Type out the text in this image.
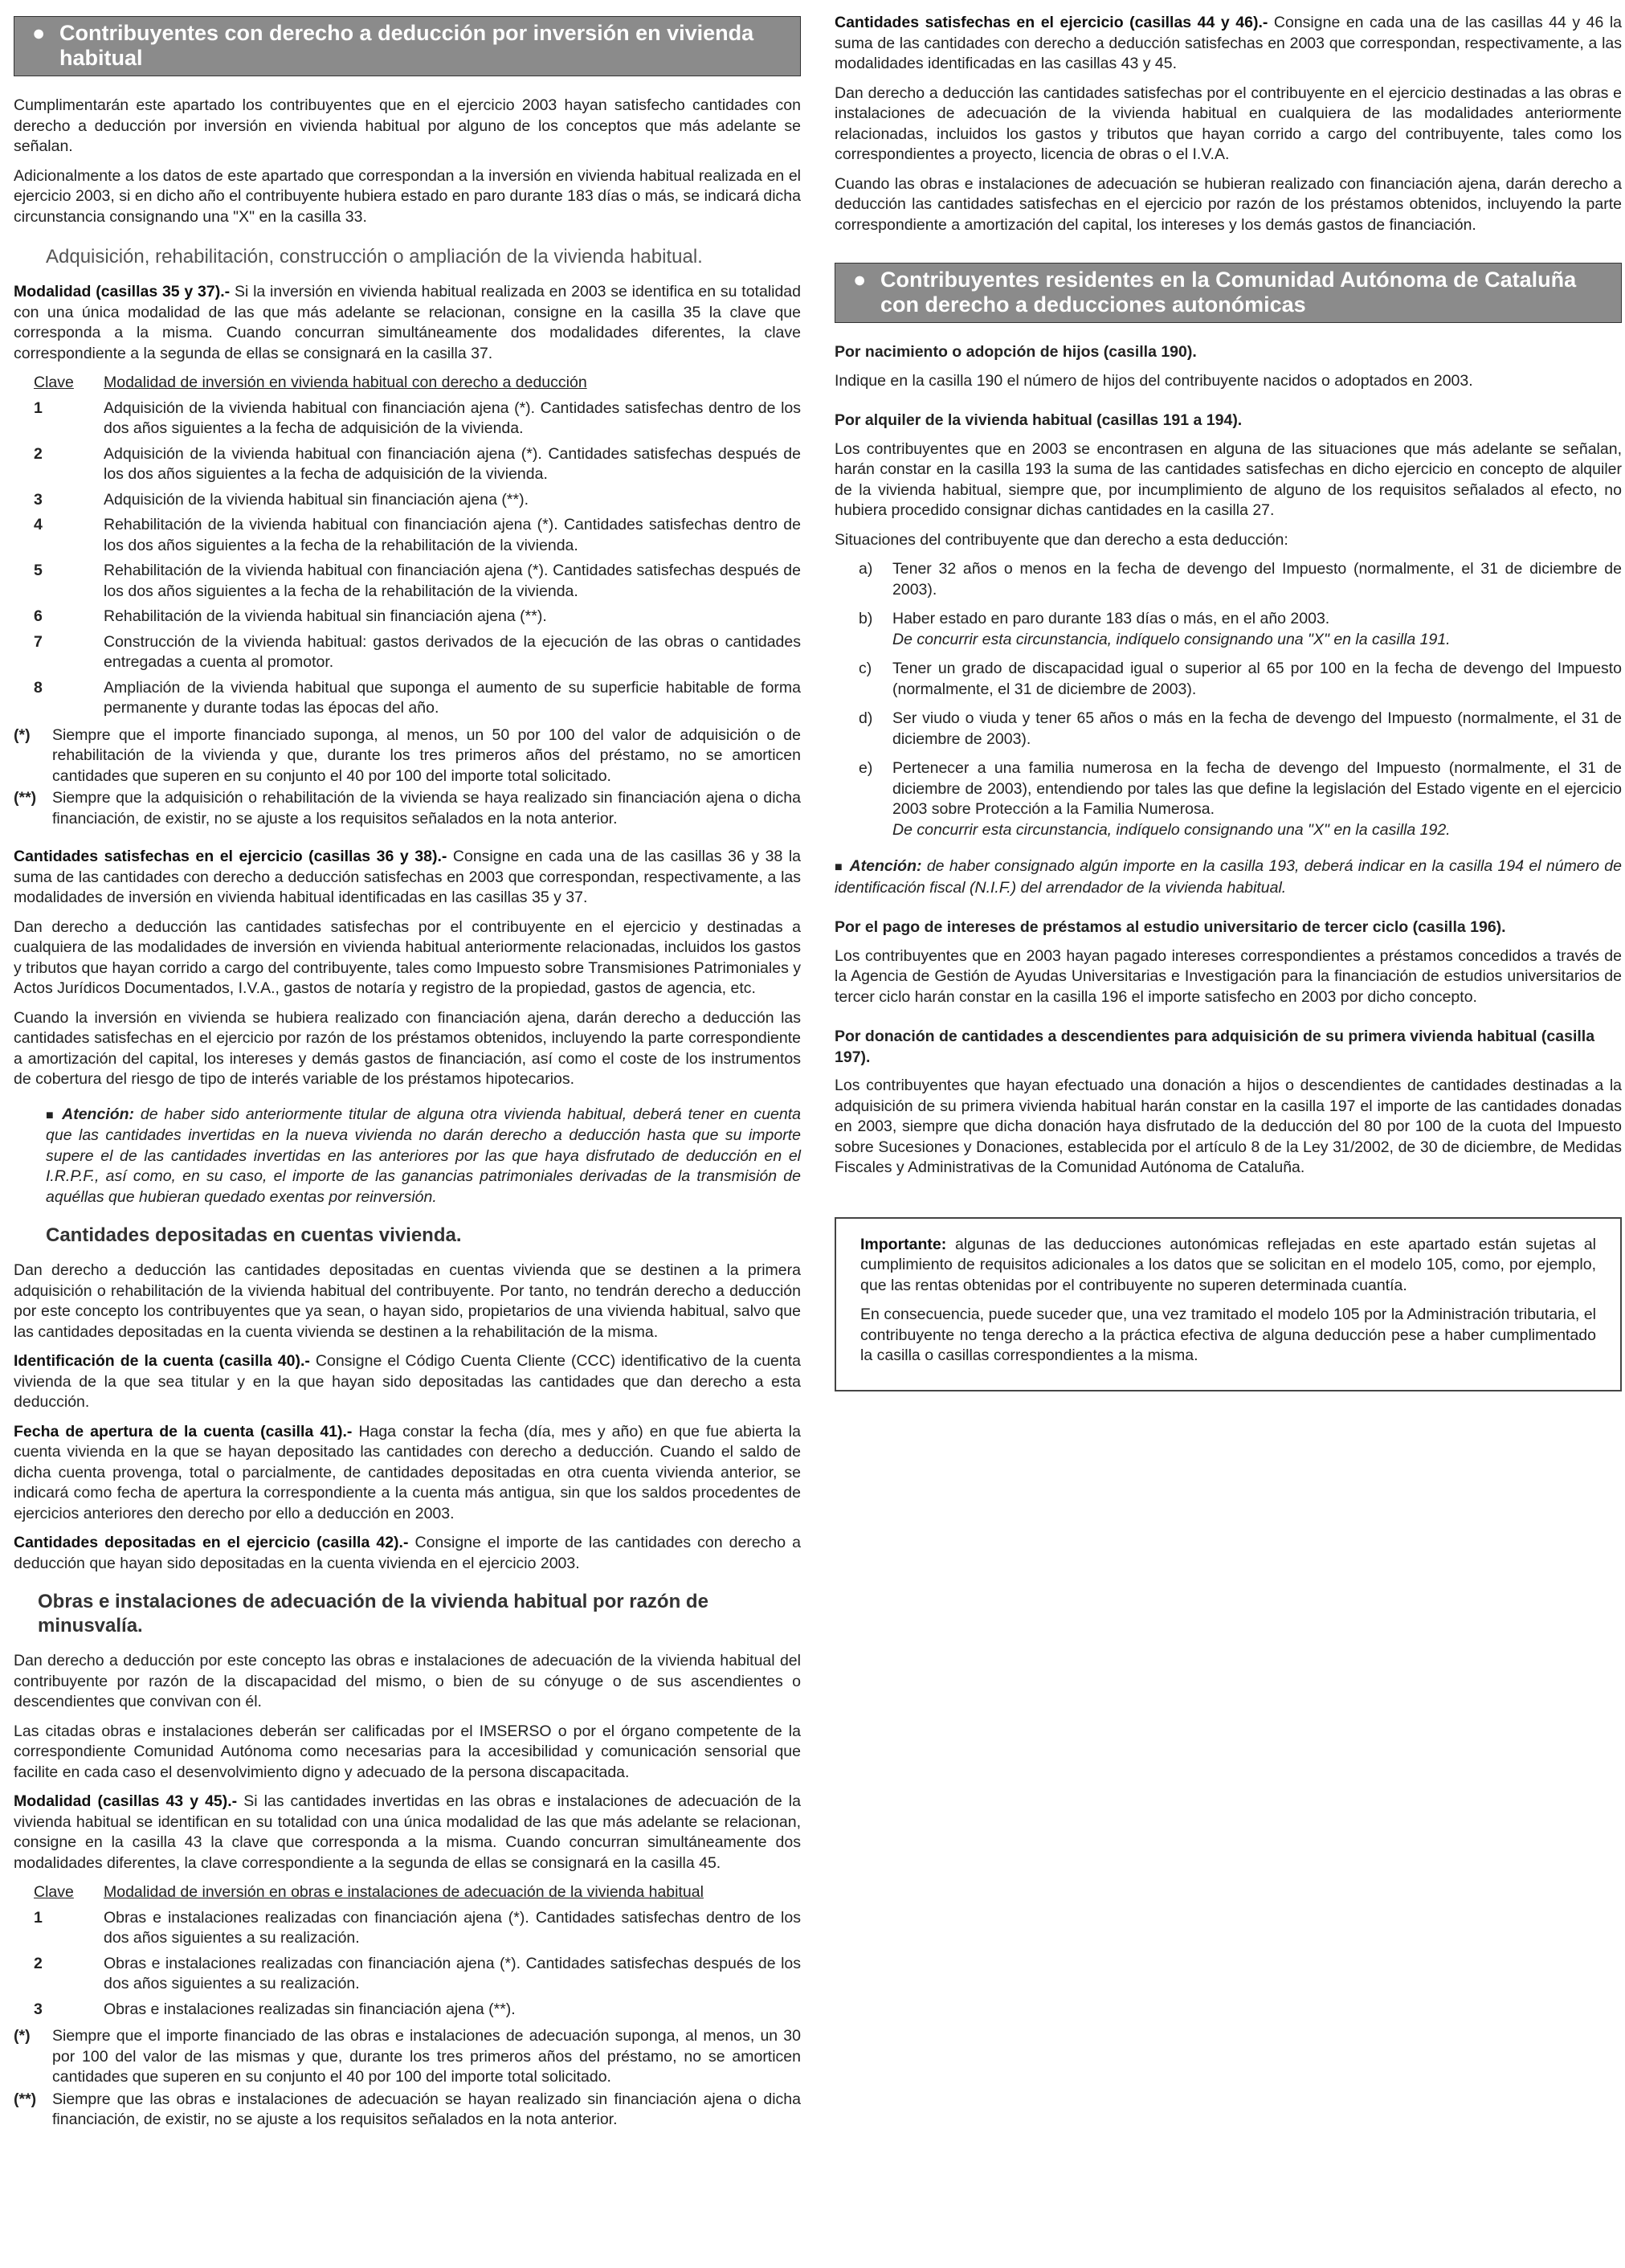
● Contribuyentes con derecho a deducción por inversión en vivienda habitual

Cumplimentarán este apartado los contribuyentes que en el ejercicio 2003 hayan satisfecho cantidades con derecho a deducción por inversión en vivienda habitual por alguno de los conceptos que más adelante se señalan.

Adicionalmente a los datos de este apartado que correspondan a la inversión en vivienda habitual realizada en el ejercicio 2003, si en dicho año el contribuyente hubiera estado en paro durante 183 días o más, se indicará dicha circunstancia consignando una "X" en la casilla 33.

Adquisición, rehabilitación, construcción o ampliación de la vivienda habitual.

Modalidad (casillas 35 y 37).- Si la inversión en vivienda habitual realizada en 2003 se identifica en su totalidad con una única modalidad de las que más adelante se relacionan, consigne en la casilla 35 la clave que corresponda a la misma. Cuando concurran simultáneamente dos modalidades diferentes, la clave correspondiente a la segunda de ellas se consignará en la casilla 37.

Clave	Modalidad de inversión en vivienda habitual con derecho a deducción
1	Adquisición de la vivienda habitual con financiación ajena (*). Cantidades satisfechas dentro de los dos años siguientes a la fecha de adquisición de la vivienda.
2	Adquisición de la vivienda habitual con financiación ajena (*). Cantidades satisfechas después de los dos años siguientes a la fecha de adquisición de la vivienda.
3	Adquisición de la vivienda habitual sin financiación ajena (**).
4	Rehabilitación de la vivienda habitual con financiación ajena (*). Cantidades satisfechas dentro de los dos años siguientes a la fecha de la rehabilitación de la vivienda.
5	Rehabilitación de la vivienda habitual con financiación ajena (*). Cantidades satisfechas después de los dos años siguientes a la fecha de la rehabilitación de la vivienda.
6	Rehabilitación de la vivienda habitual sin financiación ajena (**).
7	Construcción de la vivienda habitual: gastos derivados de la ejecución de las obras o cantidades entregadas a cuenta al promotor.
8	Ampliación de la vivienda habitual que suponga el aumento de su superficie habitable de forma permanente y durante todas las épocas del año.
(*)	Siempre que el importe financiado suponga, al menos, un 50 por 100 del valor de adquisición o de rehabilitación de la vivienda y que, durante los tres primeros años del préstamo, no se amorticen cantidades que superen en su conjunto el 40 por 100 del importe total solicitado.
(**)	Siempre que la adquisición o rehabilitación de la vivienda se haya realizado sin financiación ajena o dicha financiación, de existir, no se ajuste a los requisitos señalados en la nota anterior.

Cantidades satisfechas en el ejercicio (casillas 36 y 38).- Consigne en cada una de las casillas 36 y 38 la suma de las cantidades con derecho a deducción satisfechas en 2003 que correspondan, respectivamente, a las modalidades de inversión en vivienda habitual identificadas en las casillas 35 y 37.

Dan derecho a deducción las cantidades satisfechas por el contribuyente en el ejercicio y destinadas a cualquiera de las modalidades de inversión en vivienda habitual anteriormente relacionadas, incluidos los gastos y tributos que hayan corrido a cargo del contribuyente, tales como Impuesto sobre Transmisiones Patrimoniales y Actos Jurídicos Documentados, I.V.A., gastos de notaría y registro de la propiedad, gastos de agencia, etc.

Cuando la inversión en vivienda se hubiera realizado con financiación ajena, darán derecho a deducción las cantidades satisfechas en el ejercicio por razón de los préstamos obtenidos, incluyendo la parte correspondiente a amortización del capital, los intereses y demás gastos de financiación, así como el coste de los instrumentos de cobertura del riesgo de tipo de interés variable de los préstamos hipotecarios.

■ Atención: de haber sido anteriormente titular de alguna otra vivienda habitual, deberá tener en cuenta que las cantidades invertidas en la nueva vivienda no darán derecho a deducción hasta que su importe supere el de las cantidades invertidas en las anteriores por las que haya disfrutado de deducción en el I.R.P.F., así como, en su caso, el importe de las ganancias patrimoniales derivadas de la transmisión de aquéllas que hubieran quedado exentas por reinversión.
Cantidades depositadas en cuentas vivienda.

Dan derecho a deducción las cantidades depositadas en cuentas vivienda que se destinen a la primera adquisición o rehabilitación de la vivienda habitual del contribuyente. Por tanto, no tendrán derecho a deducción por este concepto los contribuyentes que ya sean, o hayan sido, propietarios de una vivienda habitual, salvo que las cantidades depositadas en la cuenta vivienda se destinen a la rehabilitación de la misma.

Identificación de la cuenta (casilla 40).- Consigne el Código Cuenta Cliente (CCC) identificativo de la cuenta vivienda de la que sea titular y en la que hayan sido depositadas las cantidades que dan derecho a esta deducción.

Fecha de apertura de la cuenta (casilla 41).- Haga constar la fecha (día, mes y año) en que fue abierta la cuenta vivienda en la que se hayan depositado las cantidades con derecho a deducción. Cuando el saldo de dicha cuenta provenga, total o parcialmente, de cantidades depositadas en otra cuenta vivienda anterior, se indicará como fecha de apertura la correspondiente a la cuenta más antigua, sin que los saldos procedentes de ejercicios anteriores den derecho por ello a deducción en 2003.

Cantidades depositadas en el ejercicio (casilla 42).- Consigne el importe de las cantidades con derecho a deducción que hayan sido depositadas en la cuenta vivienda en el ejercicio 2003.

Obras e instalaciones de adecuación de la vivienda habitual por razón de minusvalía.

Dan derecho a deducción por este concepto las obras e instalaciones de adecuación de la vivienda habitual del contribuyente por razón de la discapacidad del mismo, o bien de su cónyuge o de sus ascendientes o descendientes que convivan con él.

Las citadas obras e instalaciones deberán ser calificadas por el IMSERSO o por el órgano competente de la correspondiente Comunidad Autónoma como necesarias para la accesibilidad y comunicación sensorial que facilite en cada caso el desenvolvimiento digno y adecuado de la persona discapacitada.

Modalidad (casillas 43 y 45).- Si las cantidades invertidas en las obras e instalaciones de adecuación de la vivienda habitual se identifican en su totalidad con una única modalidad de las que más adelante se relacionan, consigne en la casilla 43 la clave que corresponda a la misma. Cuando concurran simultáneamente dos modalidades diferentes, la clave correspondiente a la segunda de ellas se consignará en la casilla 45.

Clave	Modalidad de inversión en obras e instalaciones de adecuación de la vivienda habitual
1	Obras e instalaciones realizadas con financiación ajena (*). Cantidades satisfechas dentro de los dos años siguientes a su realización.
2	Obras e instalaciones realizadas con financiación ajena (*). Cantidades satisfechas después de los dos años siguientes a su realización.
3	Obras e instalaciones realizadas sin financiación ajena (**).
(*)	Siempre que el importe financiado de las obras e instalaciones de adecuación suponga, al menos, un 30 por 100 del valor de las mismas y que, durante los tres primeros años del préstamo, no se amorticen cantidades que superen en su conjunto el 40 por 100 del importe total solicitado.
(**)	Siempre que las obras e instalaciones de adecuación se hayan realizado sin financiación ajena o dicha financiación, de existir, no se ajuste a los requisitos señalados en la nota anterior.

Cantidades satisfechas en el ejercicio (casillas 44 y 46).- Consigne en cada una de las casillas 44 y 46 la suma de las cantidades con derecho a deducción satisfechas en 2003 que correspondan, respectivamente, a las modalidades identificadas en las casillas 43 y 45.

Dan derecho a deducción las cantidades satisfechas por el contribuyente en el ejercicio destinadas a las obras e instalaciones de adecuación de la vivienda habitual en cualquiera de las modalidades anteriormente relacionadas, incluidos los gastos y tributos que hayan corrido a cargo del contribuyente, tales como los correspondientes a proyecto, licencia de obras o el I.V.A.

Cuando las obras e instalaciones de adecuación se hubieran realizado con financiación ajena, darán derecho a deducción las cantidades satisfechas en el ejercicio por razón de los préstamos obtenidos, incluyendo la parte correspondiente a amortización del capital, los intereses y los demás gastos de financiación.

● Contribuyentes residentes en la Comunidad Autónoma de Cataluña con derecho a deducciones autonómicas
Por nacimiento o adopción de hijos (casilla 190).

Indique en la casilla 190 el número de hijos del contribuyente nacidos o adoptados en 2003.

Por alquiler de la vivienda habitual (casillas 191 a 194).

Los contribuyentes que en 2003 se encontrasen en alguna de las situaciones que más adelante se señalan, harán constar en la casilla 193 la suma de las cantidades satisfechas en dicho ejercicio en concepto de alquiler de la vivienda habitual, siempre que, por incumplimiento de alguno de los requisitos señalados al efecto, no hubiera procedido consignar dichas cantidades en la casilla 27.

Situaciones del contribuyente que dan derecho a esta deducción:

a)	Tener 32 años o menos en la fecha de devengo del Impuesto (normalmente, el 31 de diciembre de 2003).
b)	Haber estado en paro durante 183 días o más, en el año 2003.
De concurrir esta circunstancia, indíquelo consignando una "X" en la casilla 191.
c)	Tener un grado de discapacidad igual o superior al 65 por 100 en la fecha de devengo del Impuesto (normalmente, el 31 de diciembre de 2003).
d)	Ser viudo o viuda y tener 65 años o más en la fecha de devengo del Impuesto (normalmente, el 31 de diciembre de 2003).
e)	Pertenecer a una familia numerosa en la fecha de devengo del Impuesto (normalmente, el 31 de diciembre de 2003), entendiendo por tales las que define la legislación del Estado vigente en el ejercicio 2003 sobre Protección a la Familia Numerosa.
De concurrir esta circunstancia, indíquelo consignando una "X" en la casilla 192.
■ Atención: de haber consignado algún importe en la casilla 193, deberá indicar en la casilla 194 el número de identificación fiscal (N.I.F.) del arrendador de la vivienda habitual.
Por el pago de intereses de préstamos al estudio universitario de tercer ciclo (casilla 196).

Los contribuyentes que en 2003 hayan pagado intereses correspondientes a préstamos concedidos a través de la Agencia de Gestión de Ayudas Universitarias e Investigación para la financiación de estudios universitarios de tercer ciclo harán constar en la casilla 196 el importe satisfecho en 2003 por dicho concepto.

Por donación de cantidades a descendientes para adquisición de su primera vivienda habitual (casilla 197).

Los contribuyentes que hayan efectuado una donación a hijos o descendientes de cantidades destinadas a la adquisición de su primera vivienda habitual harán constar en la casilla 197 el importe de las cantidades donadas en 2003, siempre que dicha donación haya disfrutado de la deducción del 80 por 100 de la cuota del Impuesto sobre Sucesiones y Donaciones, establecida por el artículo 8 de la Ley 31/2002, de 30 de diciembre, de Medidas Fiscales y Administrativas de la Comunidad Autónoma de Cataluña.

Importante: algunas de las deducciones autonómicas reflejadas en este apartado están sujetas al cumplimiento de requisitos adicionales a los datos que se solicitan en el modelo 105, como, por ejemplo, que las rentas obtenidas por el contribuyente no superen determinada cuantía.

En consecuencia, puede suceder que, una vez tramitado el modelo 105 por la Administración tributaria, el contribuyente no tenga derecho a la práctica efectiva de alguna deducción pese a haber cumplimentado la casilla o casillas correspondientes a la misma.
